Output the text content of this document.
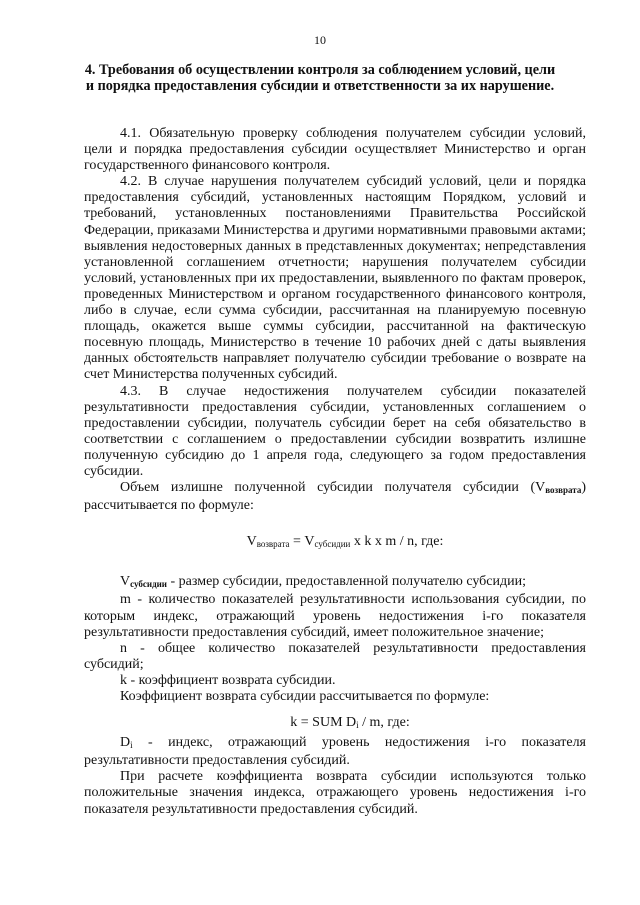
10
4. Требования об осуществлении контроля за соблюдением условий, цели и порядка предоставления субсидии и ответственности за их нарушение.

4.1. Обязательную проверку соблюдения получателем субсидии условий, цели и порядка предоставления субсидии осуществляет Министерство и орган государственного финансового контроля.

4.2. В случае нарушения получателем субсидий условий, цели и порядка предоставления субсидий, установленных настоящим Порядком, условий и требований, установленных постановлениями Правительства Российской Федерации, приказами Министерства и другими нормативными правовыми актами; выявления недостоверных данных в представленных документах; непредставления установленной соглашением отчетности; нарушения получателем субсидии условий, установленных при их предоставлении, выявленного по фактам проверок, проведенных Министерством и органом государственного финансового контроля, либо в случае, если сумма субсидии, рассчитанная на планируемую посевную площадь, окажется выше суммы субсидии, рассчитанной на фактическую посевную площадь, Министерство в течение 10 рабочих дней с даты выявления данных обстоятельств направляет получателю субсидии требование о возврате на счет Министерства полученных субсидий.

4.3. В случае недостижения получателем субсидии показателей результативности предоставления субсидии, установленных соглашением о предоставлении субсидии, получатель субсидии берет на себя обязательство в соответствии с соглашением о предоставлении субсидии возвратить излишне полученную субсидию до 1 апреля года, следующего за годом предоставления субсидии.

Объем излишне полученной субсидии получателя субсидии $(V_{возврата})$ рассчитывается по формуле:

Vвозврата = Vсубсидии x k x m / n, где:

$V_{субсидии}$ - размер субсидии, предоставленной получателю субсидии;

m - количество показателей результативности использования субсидии, по которым индекс, отражающий уровень недостижения i-го показателя результативности предоставления субсидий, имеет положительное значение;

n - общее количество показателей результативности предоставления субсидий;

k - коэффициент возврата субсидии.

Коэффициент возврата субсидии рассчитывается по формуле:

k = SUM Di / m, где:

Di - индекс, отражающий уровень недостижения i-го показателя результативности предоставления субсидий.

При расчете коэффициента возврата субсидии используются только положительные значения индекса, отражающего уровень недостижения i-го показателя результативности предоставления субсидий.
